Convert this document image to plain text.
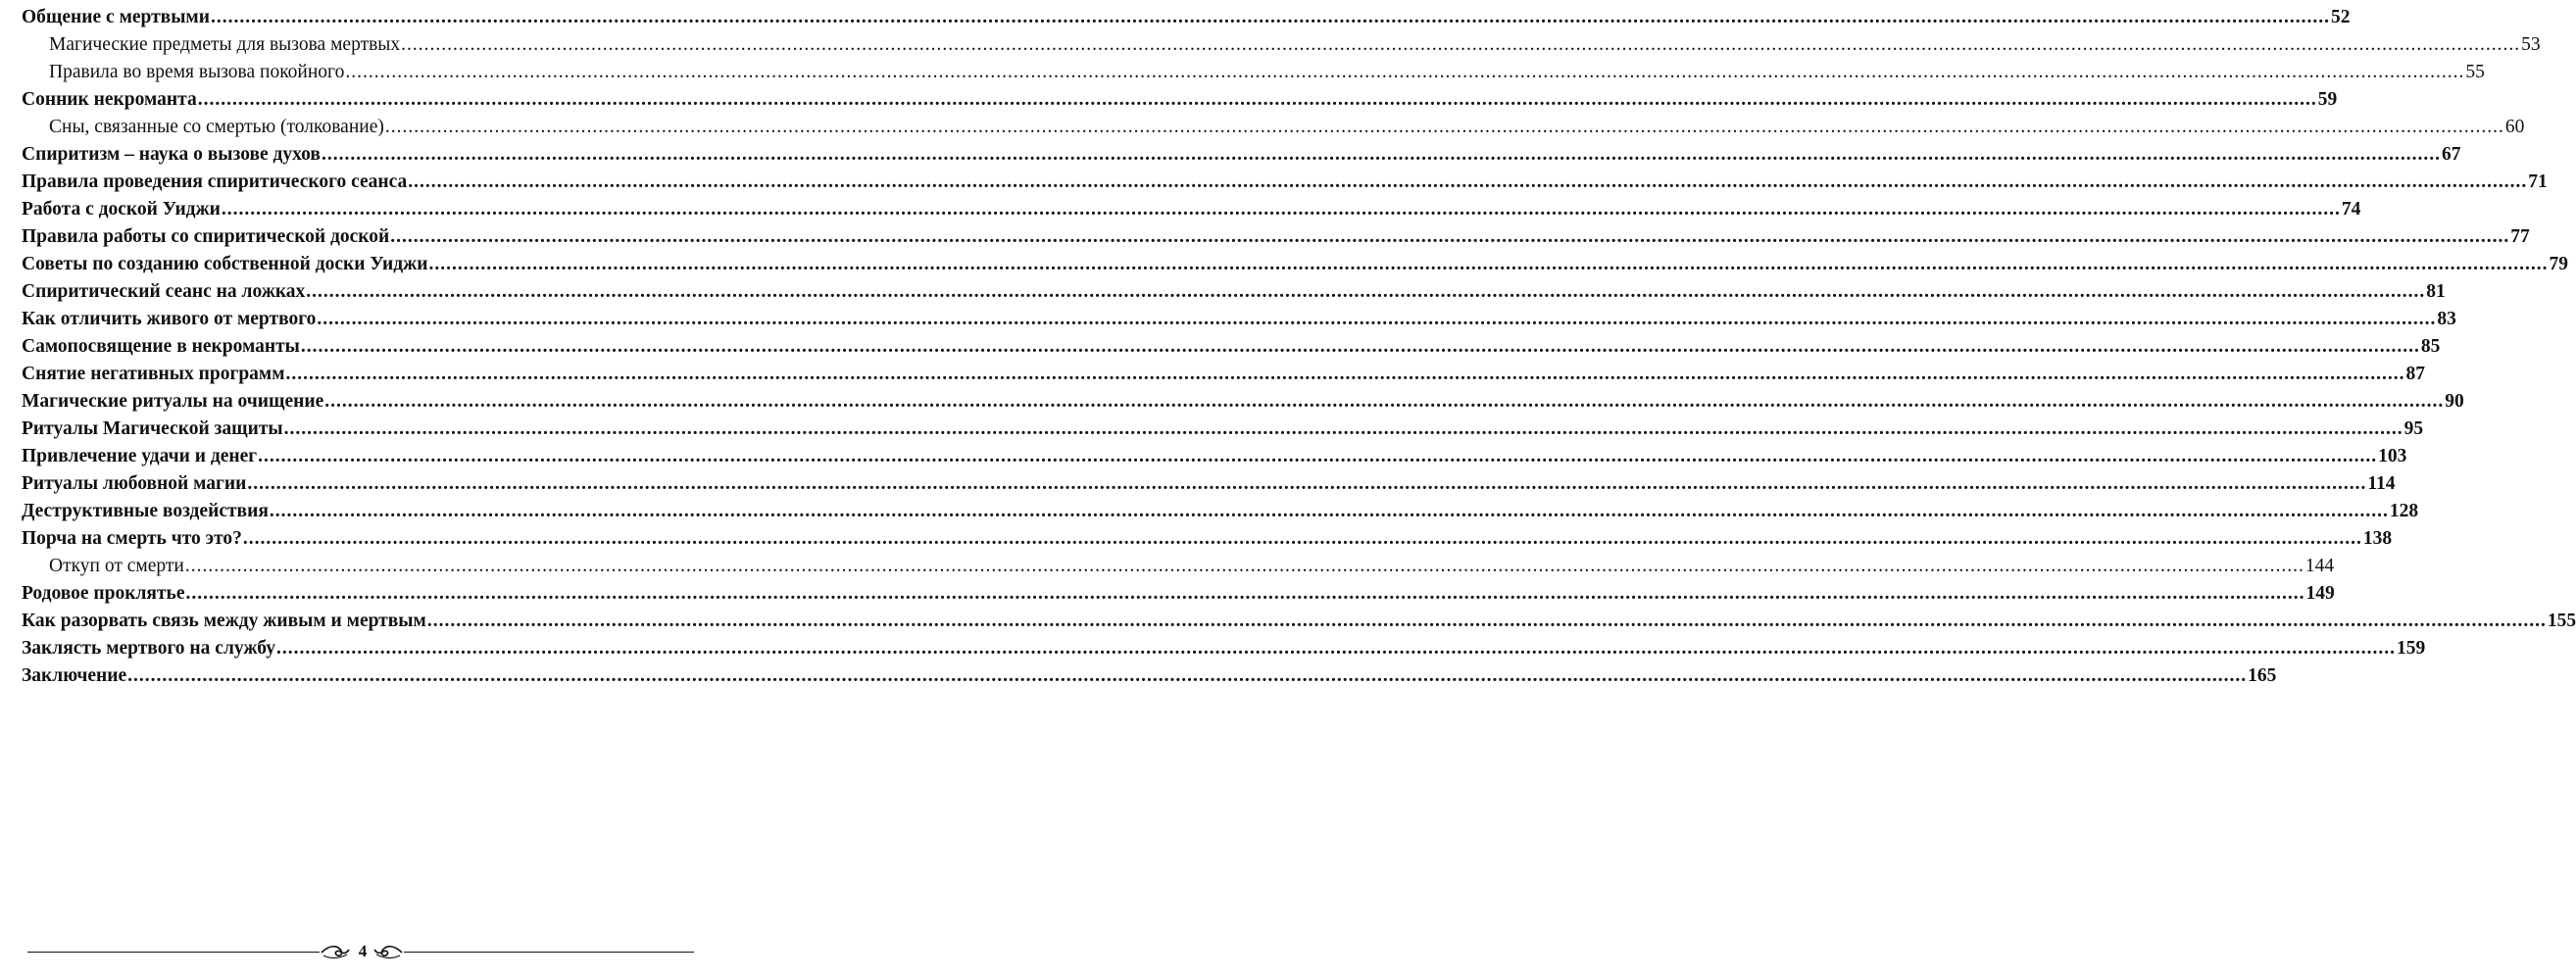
Общение с мертвыми .....	52
Магические предметы для вызова мертвых .....	53
Правила во время вызова покойного .....	55
Сонник некроманта .....	59
Сны, связанные со смертью (толкование) .....	60
Спиритизм – наука о вызове духов .....	67
Правила проведения спиритического сеанса .....	71
Работа с доской Уиджи .....	74
Правила работы со спиритической доской .....	77
Советы по созданию собственной доски Уиджи .....	79
Спиритический сеанс на ложках .....	81
Как отличить живого от мертвого .....	83
Самопосвящение в некроманты .....	85
Снятие негативных программ .....	87
Магические ритуалы на очищение .....	90
Ритуалы Магической защиты .....	95
Привлечение удачи и денег .....	103
Ритуалы любовной магии .....	114
Деструктивные воздействия .....	128
Порча на смерть что это? .....	138
Откуп от смерти .....	144
Родовое проклятье .....	149
Как разорвать связь между живым и мертвым .....	155
Заклясть мертвого на службу .....	159
Заключение .....	165
4
